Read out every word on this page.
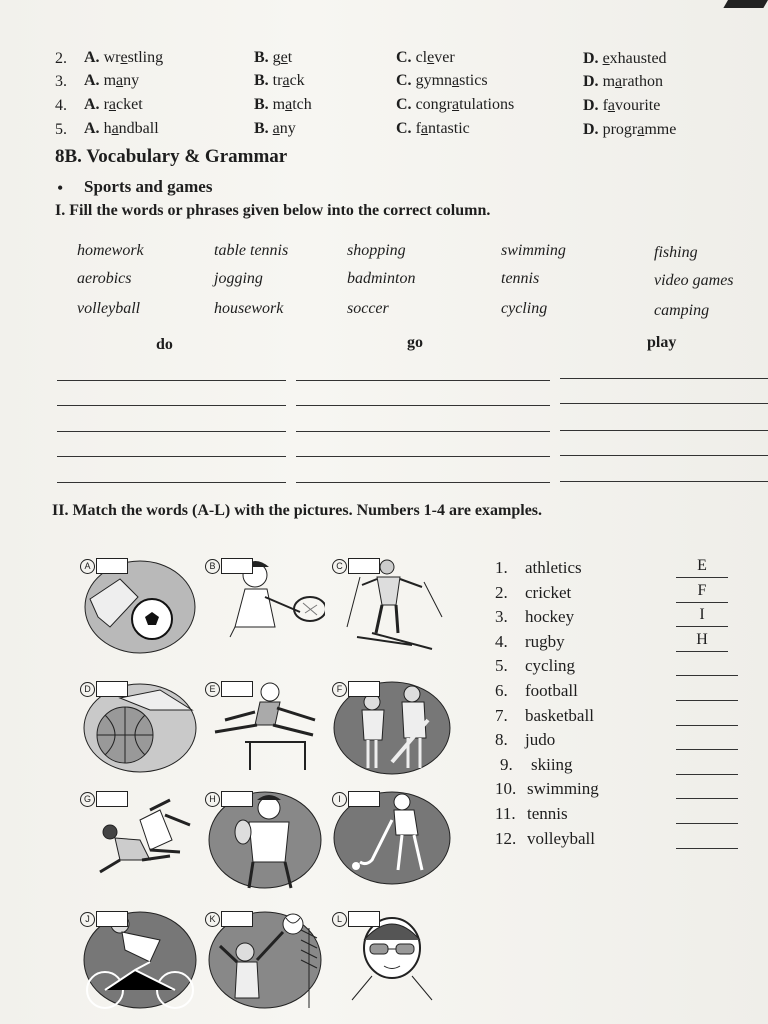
2. A. wrestling	B. get	C. clever	D. exhausted
3. A. many	B. track	C. gymnastics	D. marathon
4. A. racket	B. match	C. congratulations	D. favourite
5. A. handball	B. any	C. fantastic	D. programme
8B. Vocabulary & Grammar
• Sports and games
I. Fill the words or phrases given below into the correct column.
homework	table tennis	shopping	swimming	fishing
aerobics	jogging	badminton	tennis	video games
volleyball	housework	soccer	cycling	camping
do	go	play
II. Match the words (A-L) with the pictures. Numbers 1-4 are examples.
A	B	C
D	E	F
G	H	I
J	K	L
1. athletics	E
2. cricket	F
3. hockey	I
4. rugby	H
5. cycling
6. football
7. basketball
8. judo
9. skiing
10. swimming
11. tennis
12. volleyball
